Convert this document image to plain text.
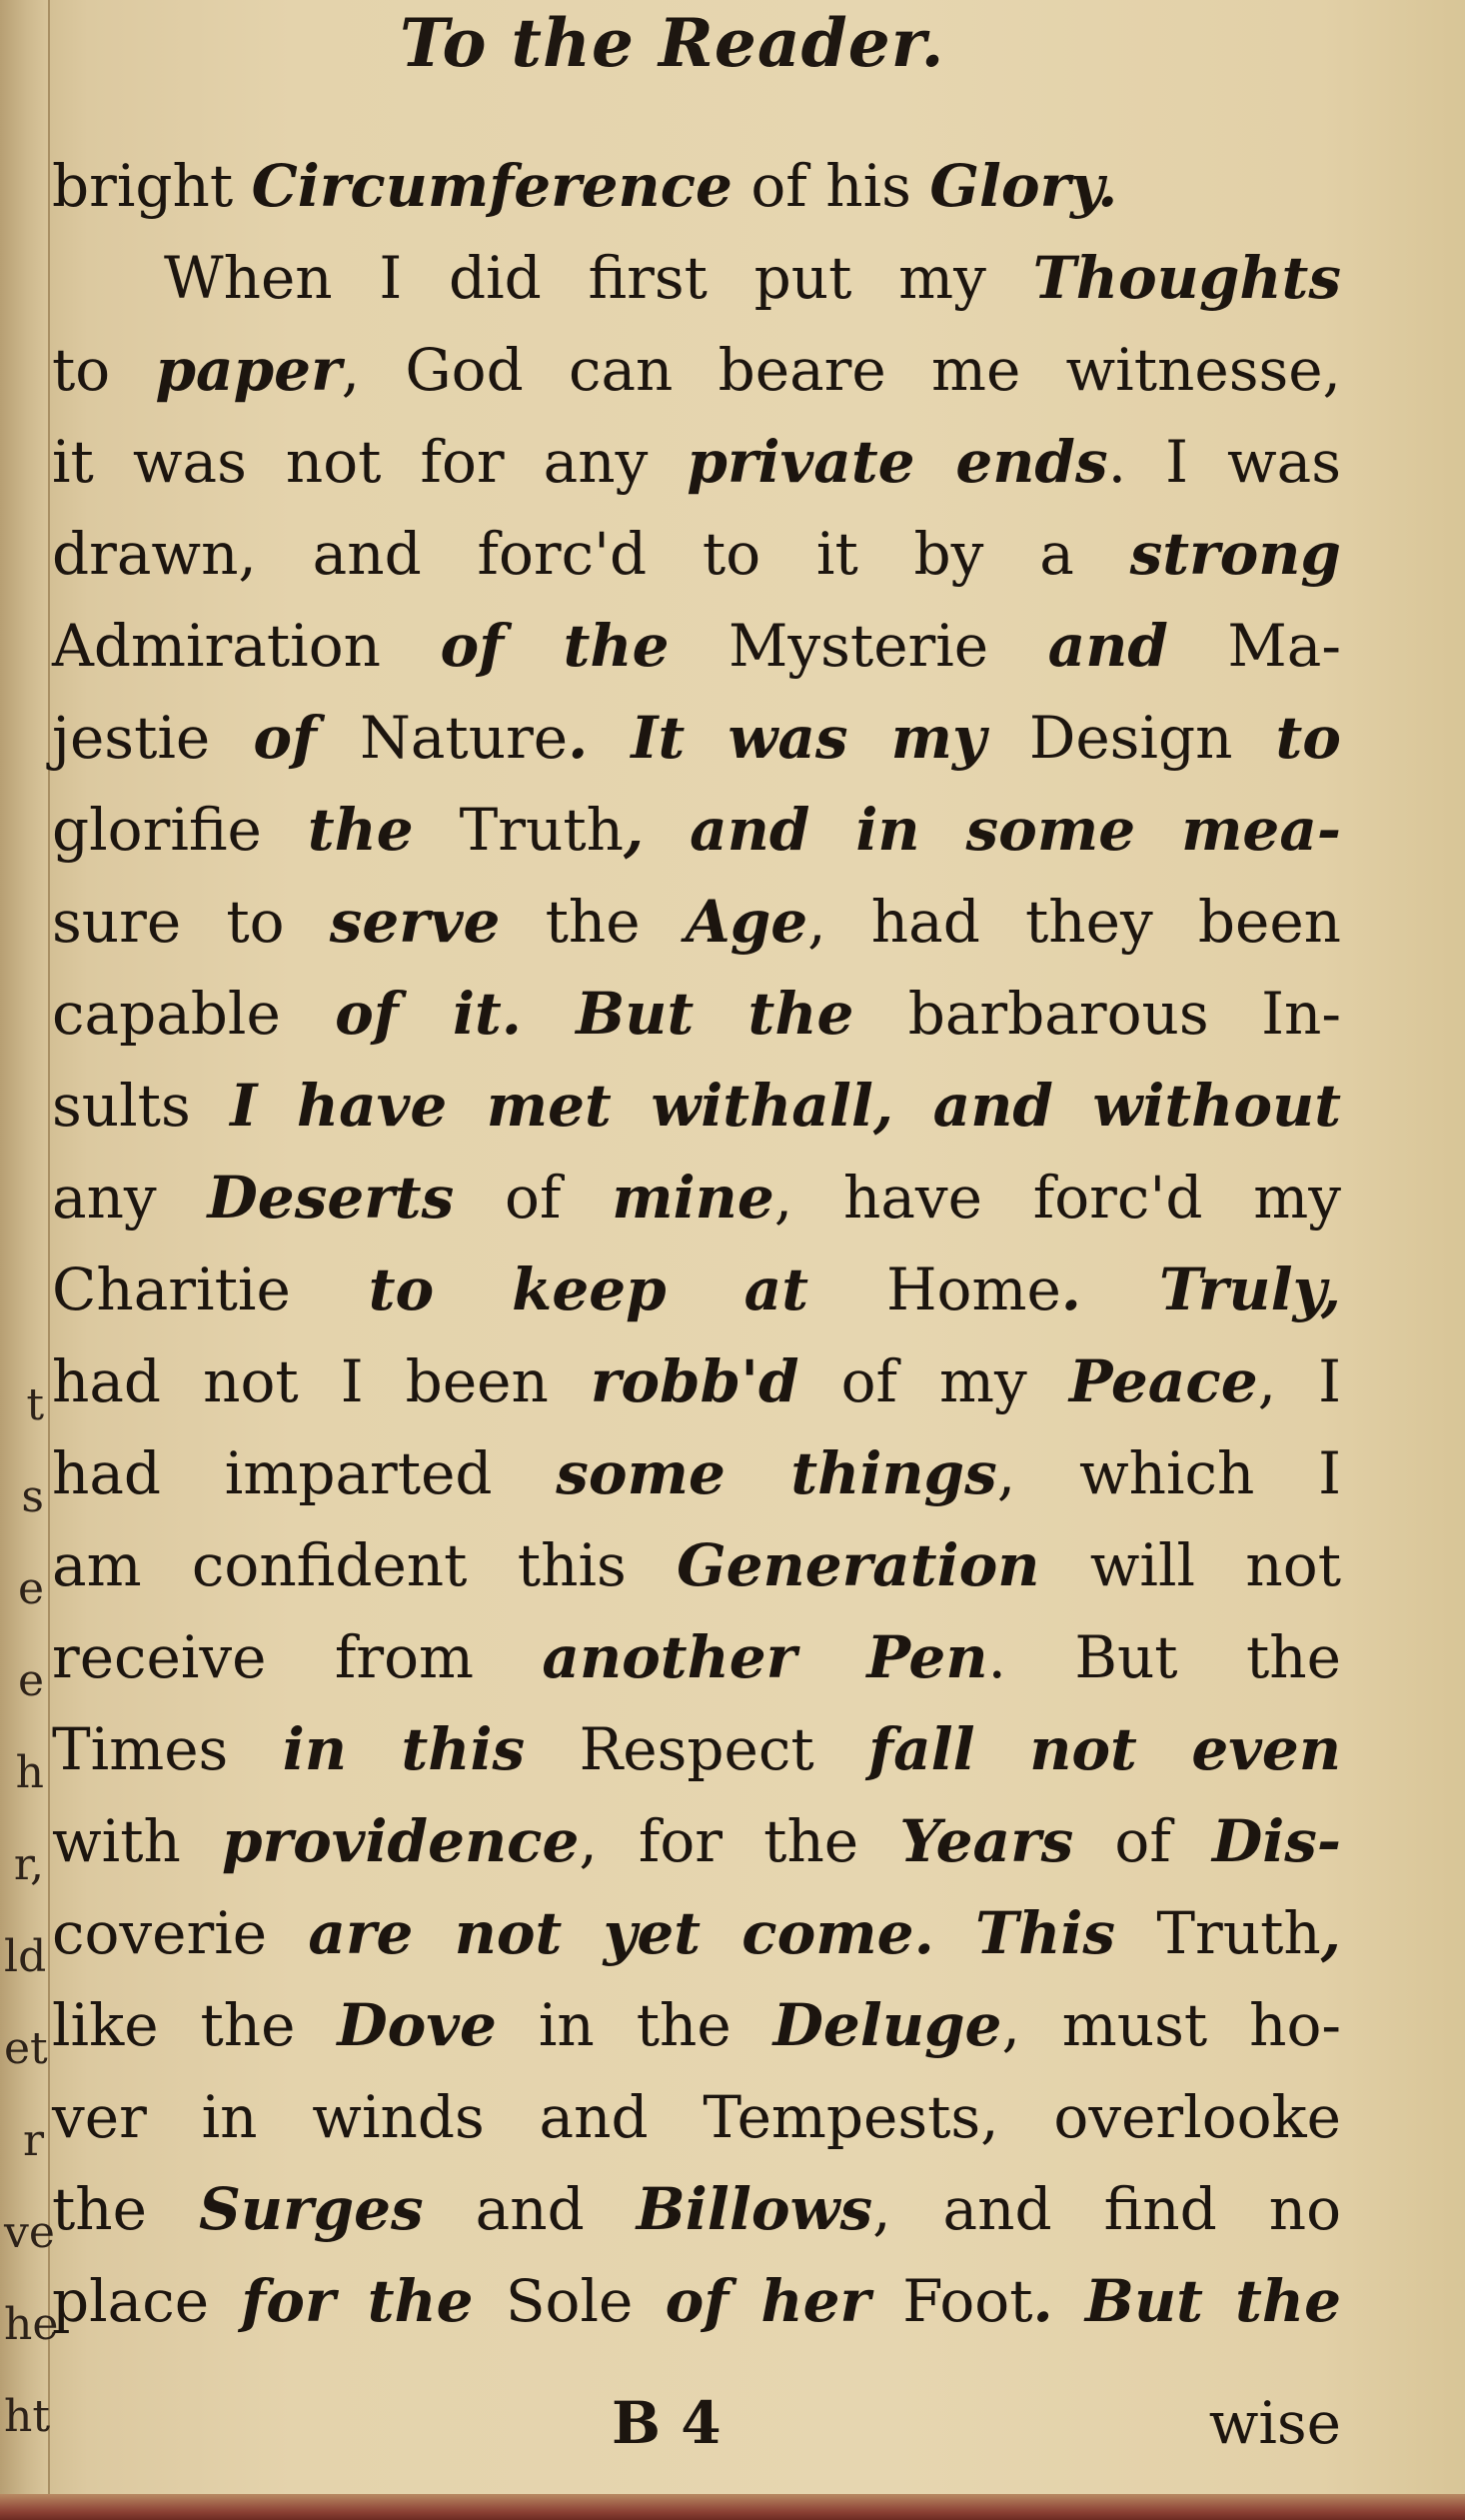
t
s
e
e
h
r,
ld
et
r
ve
he
ht
To the Reader.
bright Circumference of his Glory.
When I did first put my Thoughts
to paper, God can beare me witnesse,
it was not for any private ends. I was
drawn, and forc'd to it by a strong
Admiration of the Mysterie and Ma-
jestie of Nature. It was my Design to
glorifie the Truth, and in some mea-
sure to serve the Age, had they been
capable of it. But the barbarous In-
sults I have met withall, and without
any Deserts of mine, have forc'd my
Charitie to keep at Home. Truly,
had not I been robb'd of my Peace, I
had imparted some things, which I
am confident this Generation will not
receive from another Pen. But the
Times in this Respect fall not even
with providence, for the Years of Dis-
coverie are not yet come. This Truth,
like the Dove in the Deluge, must ho-
ver in winds and Tempests, overlooke
the Surges and Billows, and find no
place for the Sole of her Foot. But the
B 4	wise
